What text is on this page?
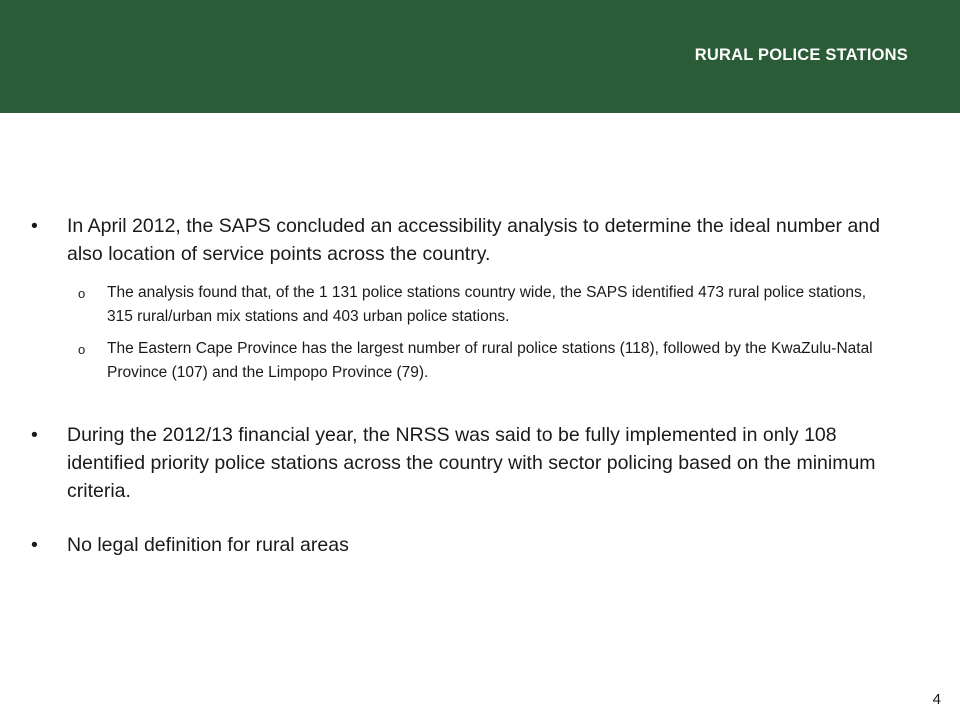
RURAL POLICE STATIONS
• In April 2012, the SAPS concluded an accessibility analysis to determine the ideal number and also location of service points across the country.
o The analysis found that, of the 1 131 police stations country wide, the SAPS identified 473 rural police stations, 315 rural/urban mix stations and 403 urban police stations.
o The Eastern Cape Province has the largest number of rural police stations (118), followed by the KwaZulu-Natal Province (107) and the Limpopo Province (79).
• During the 2012/13 financial year, the NRSS was said to be fully implemented in only 108 identified priority police stations across the country with sector policing based on the minimum criteria.
• No legal definition for rural areas
4
